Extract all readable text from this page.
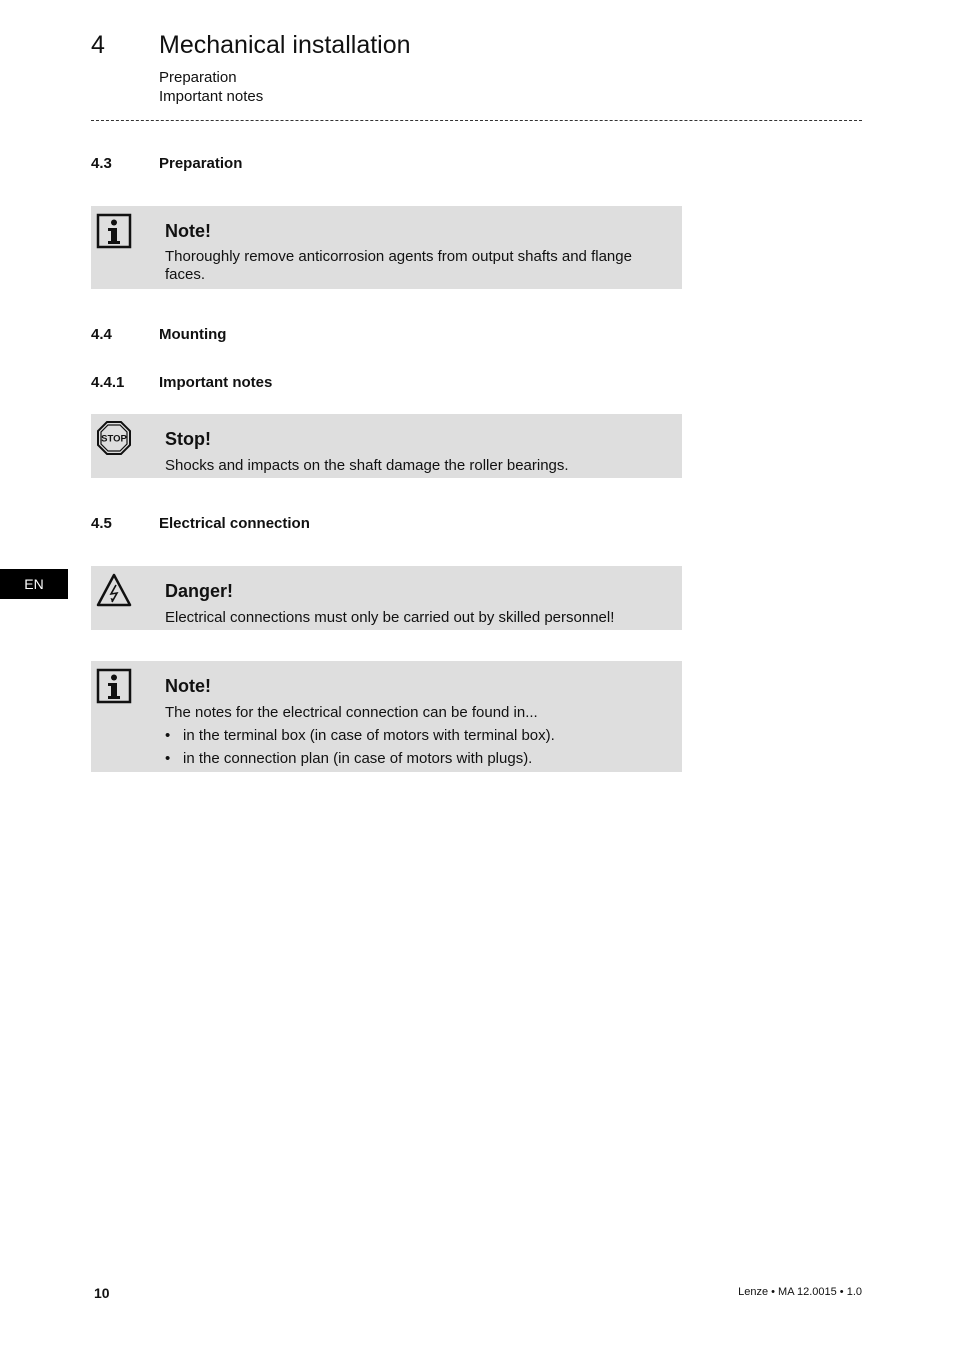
4 Mechanical installation
Preparation
Important notes
4.3	Preparation
Note!
Thoroughly remove anticorrosion agents from output shafts and flange faces.
4.4	Mounting
4.4.1 Important notes
STOP Stop!
Shocks and impacts on the shaft damage the roller bearings.
4.5	Electrical connection
EN	Danger!
Electrical connections must only be carried out by skilled personnel!
Note!
The notes for the electrical connection can be found in...
• in the terminal box (in case of motors with terminal box).
• in the connection plan (in case of motors with plugs).
10	Lenze • MA 12.0015 • 1.0
